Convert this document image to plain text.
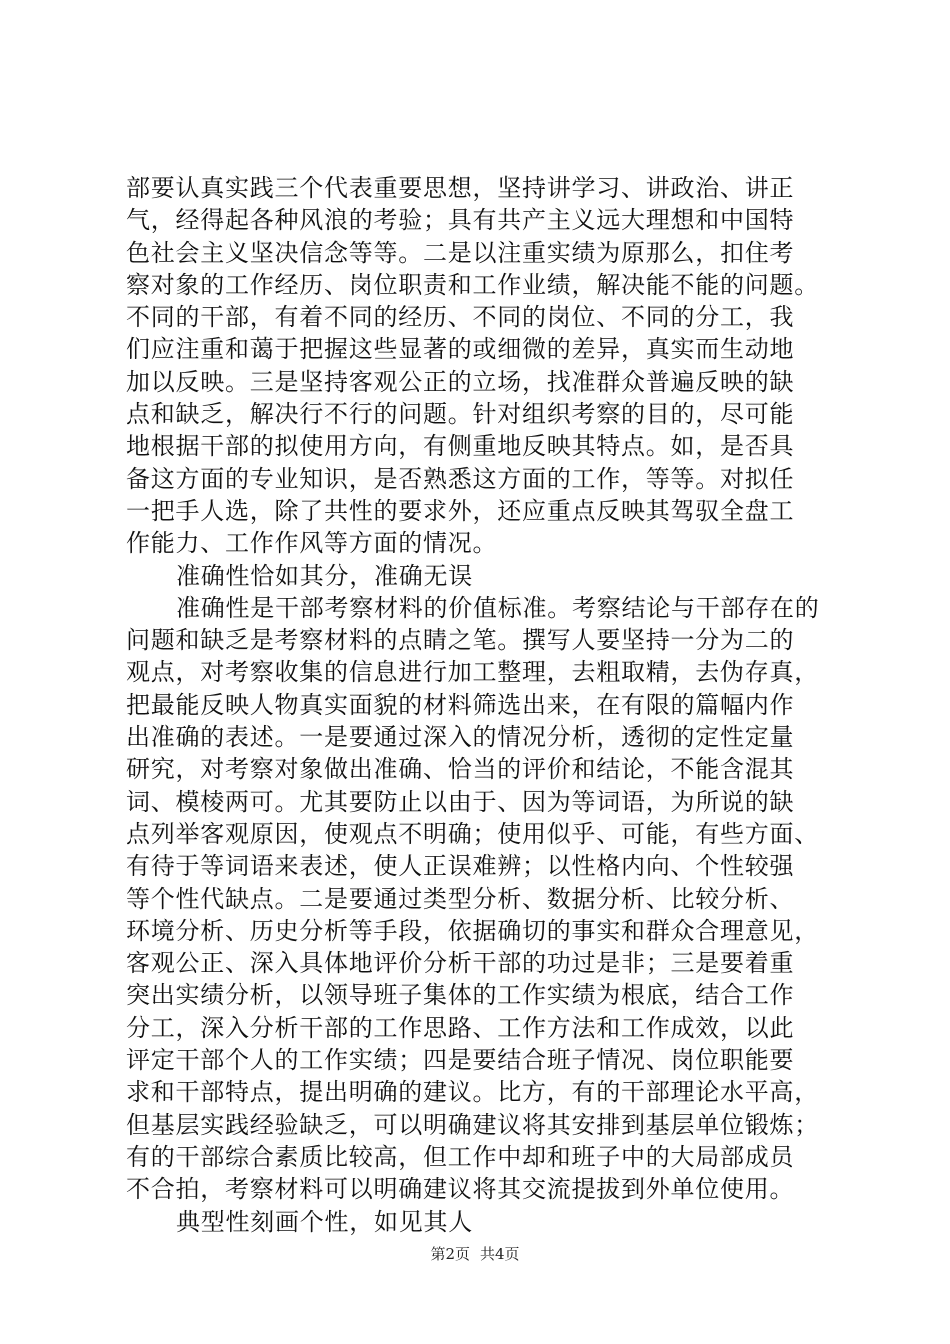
部要认真实践三个代表重要思想，坚持讲学习、讲政治、讲正
气，经得起各种风浪的考验；具有共产主义远大理想和中国特
色社会主义坚决信念等等。二是以注重实绩为原那么，扣住考
察对象的工作经历、岗位职责和工作业绩，解决能不能的问题。
不同的干部，有着不同的经历、不同的岗位、不同的分工，我
们应注重和蔼于把握这些显著的或细微的差异，真实而生动地
加以反映。三是坚持客观公正的立场，找准群众普遍反映的缺
点和缺乏，解决行不行的问题。针对组织考察的目的，尽可能
地根据干部的拟使用方向，有侧重地反映其特点。如，是否具
备这方面的专业知识，是否熟悉这方面的工作，等等。对拟任
一把手人选，除了共性的要求外，还应重点反映其驾驭全盘工
作能力、工作作风等方面的情况。
准确性恰如其分，准确无误
准确性是干部考察材料的价值标准。考察结论与干部存在的
问题和缺乏是考察材料的点睛之笔。撰写人要坚持一分为二的
观点，对考察收集的信息进行加工整理，去粗取精，去伪存真，
把最能反映人物真实面貌的材料筛选出来，在有限的篇幅内作
出准确的表述。一是要通过深入的情况分析，透彻的定性定量
研究，对考察对象做出准确、恰当的评价和结论，不能含混其
词、模棱两可。尤其要防止以由于、因为等词语，为所说的缺
点列举客观原因，使观点不明确；使用似乎、可能，有些方面、
有待于等词语来表述，使人正误难辨；以性格内向、个性较强
等个性代缺点。二是要通过类型分析、数据分析、比较分析、
环境分析、历史分析等手段，依据确切的事实和群众合理意见，
客观公正、深入具体地评价分析干部的功过是非；三是要着重
突出实绩分析，以领导班子集体的工作实绩为根底，结合工作
分工，深入分析干部的工作思路、工作方法和工作成效，以此
评定干部个人的工作实绩；四是要结合班子情况、岗位职能要
求和干部特点，提出明确的建议。比方，有的干部理论水平高，
但基层实践经验缺乏，可以明确建议将其安排到基层单位锻炼；
有的干部综合素质比较高，但工作中却和班子中的大局部成员
不合拍，考察材料可以明确建议将其交流提拔到外单位使用。
典型性刻画个性，如见其人
第2页 共4页
